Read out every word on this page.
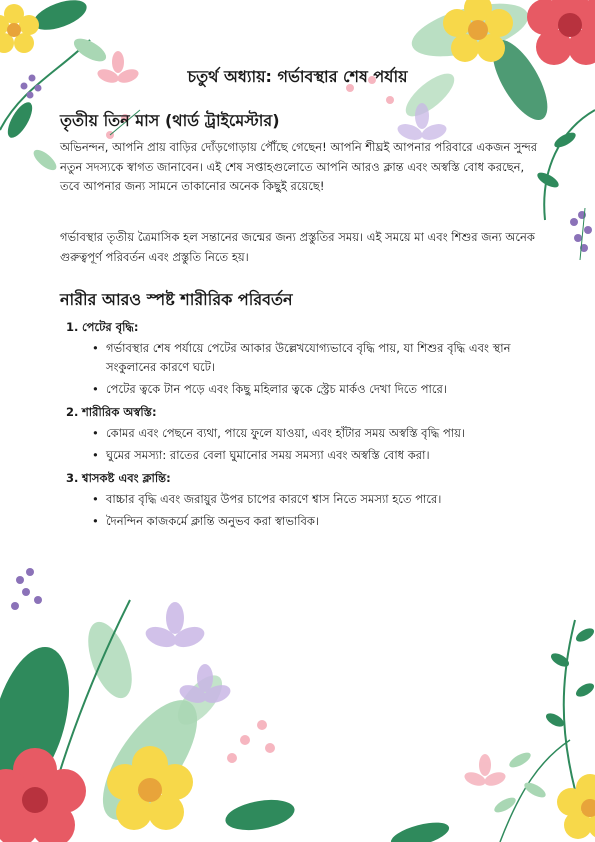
চতুর্থ অধ্যায়: গর্ভাবস্থার শেষ পর্যায়
তৃতীয় তিন মাস (থার্ড ট্রাইমেস্টার)

অভিনন্দন, আপনি প্রায় বাড়ির দোঁড়গোড়ায় পৌঁছে গেছেন! আপনি শীঘ্রই আপনার পরিবারে একজন সুন্দর নতুন সদস্যকে স্বাগত জানাবেন। এই শেষ সপ্তাহগুলোতে আপনি আরও ক্লান্ত এবং অস্বস্তি বোধ করছেন, তবে আপনার জন্য সামনে তাকানোর অনেক কিছুই রয়েছে!

গর্ভাবস্থার তৃতীয় ত্রৈমাসিক হল সন্তানের জন্মের জন্য প্রস্তুতির সময়। এই সময়ে মা এবং শিশুর জন্য অনেক গুরুত্বপূর্ণ পরিবর্তন এবং প্রস্তুতি নিতে হয়।

নারীর আরও স্পষ্ট শারীরিক পরিবর্তন
1. পেটের বৃদ্ধি:
• গর্ভাবস্থার শেষ পর্যায়ে পেটের আকার উল্লেখযোগ্যভাবে বৃদ্ধি পায়, যা শিশুর বৃদ্ধি এবং স্থান সংকুলানের কারণে ঘটে।
• পেটের ত্বকে টান পড়ে এবং কিছু মহিলার ত্বকে স্ট্রেচ মার্কও দেখা দিতে পারে।
2. শারীরিক অস্বস্তি:
• কোমর এবং পেছনে ব্যথা, পায়ে ফুলে যাওয়া, এবং হাঁটার সময় অস্বস্তি বৃদ্ধি পায়।
• ঘুমের সমস্যা: রাতের বেলা ঘুমানোর সময় সমস্যা এবং অস্বস্তি বোধ করা।
3. শ্বাসকষ্ট এবং ক্লান্তি:
• বাচ্চার বৃদ্ধি এবং জরায়ুর উপর চাপের কারণে শ্বাস নিতে সমস্যা হতে পারে।
• দৈনন্দিন কাজকর্মে ক্লান্তি অনুভব করা স্বাভাবিক।
